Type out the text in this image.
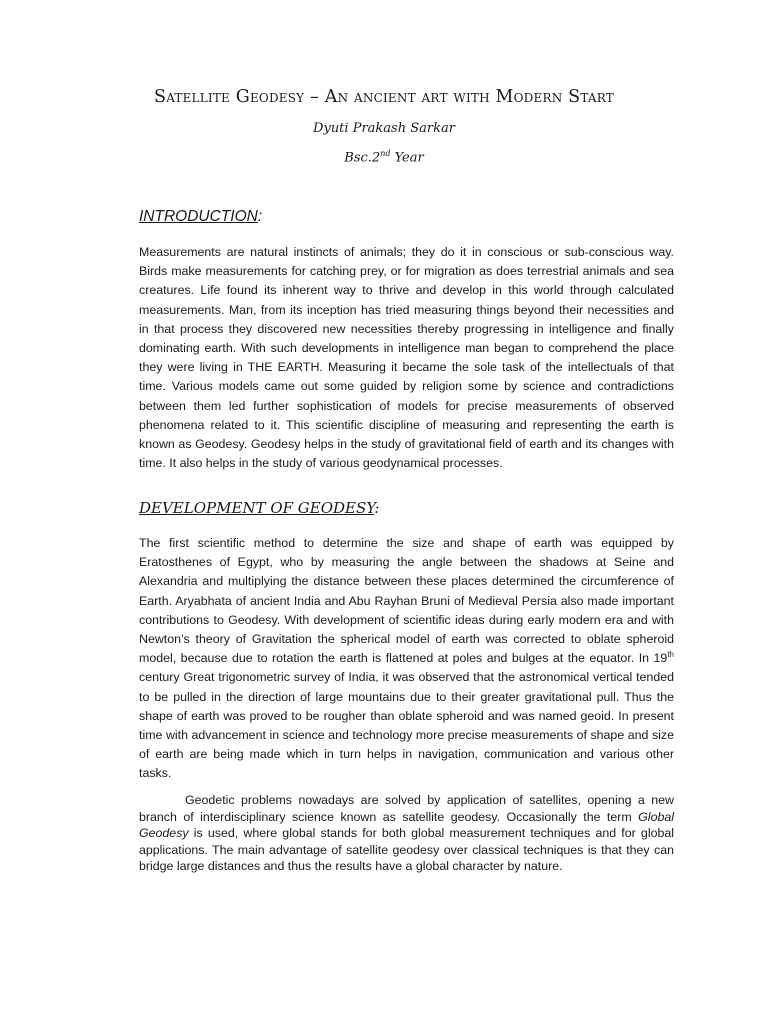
Satellite Geodesy – An ancient art with Modern Start
Dyuti Prakash Sarkar
Bsc.2nd Year
INTRODUCTION:

Measurements are natural instincts of animals; they do it in conscious or sub-conscious way. Birds make measurements for catching prey, or for migration as does terrestrial animals and sea creatures. Life found its inherent way to thrive and develop in this world through calculated measurements. Man, from its inception has tried measuring things beyond their necessities and in that process they discovered new necessities thereby progressing in intelligence and finally dominating earth. With such developments in intelligence man began to comprehend the place they were living in THE EARTH. Measuring it became the sole task of the intellectuals of that time. Various models came out some guided by religion some by science and contradictions between them led further sophistication of models for precise measurements of observed phenomena related to it. This scientific discipline of measuring and representing the earth is known as Geodesy. Geodesy helps in the study of gravitational field of earth and its changes with time. It also helps in the study of various geodynamical processes.

DEVELOPMENT OF GEODESY:

The first scientific method to determine the size and shape of earth was equipped by Eratosthenes of Egypt, who by measuring the angle between the shadows at Seine and Alexandria and multiplying the distance between these places determined the circumference of Earth. Aryabhata of ancient India and Abu Rayhan Bruni of Medieval Persia also made important contributions to Geodesy. With development of scientific ideas during early modern era and with Newton’s theory of Gravitation the spherical model of earth was corrected to oblate spheroid model, because due to rotation the earth is flattened at poles and bulges at the equator. In 19th century Great trigonometric survey of India, it was observed that the astronomical vertical tended to be pulled in the direction of large mountains due to their greater gravitational pull. Thus the shape of earth was proved to be rougher than oblate spheroid and was named geoid. In present time with advancement in science and technology more precise measurements of shape and size of earth are being made which in turn helps in navigation, communication and various other tasks.

Geodetic problems nowadays are solved by application of satellites, opening a new branch of interdisciplinary science known as satellite geodesy. Occasionally the term Global Geodesy is used, where global stands for both global measurement techniques and for global applications. The main advantage of satellite geodesy over classical techniques is that they can bridge large distances and thus the results have a global character by nature.
